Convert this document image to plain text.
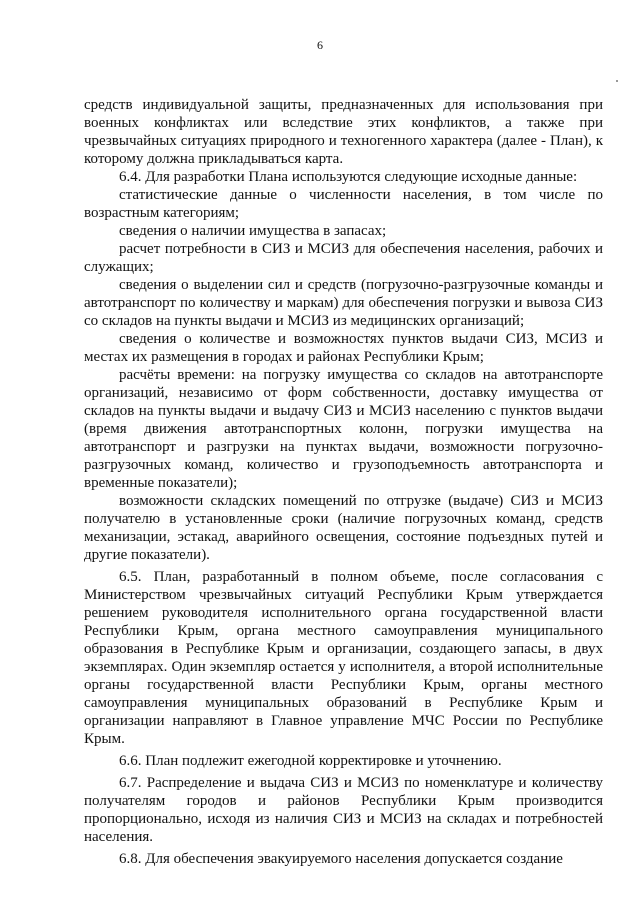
6

средств индивидуальной защиты, предназначенных для использования при военных конфликтах или вследствие этих конфликтов, а также при чрезвычайных ситуациях природного и техногенного характера (далее - План), к которому должна прикладываться карта.

6.4. Для разработки Плана используются следующие исходные данные:

статистические данные о численности населения, в том числе по возрастным категориям;

сведения о наличии имущества в запасах;

расчет потребности в СИЗ и МСИЗ для обеспечения населения, рабочих и служащих;

сведения о выделении сил и средств (погрузочно-разгрузочные команды и автотранспорт по количеству и маркам) для обеспечения погрузки и вывоза СИЗ со складов на пункты выдачи и МСИЗ из медицинских организаций;

сведения о количестве и возможностях пунктов выдачи СИЗ, МСИЗ и местах их размещения в городах и районах Республики Крым;

расчёты времени: на погрузку имущества со складов на автотранспорте организаций, независимо от форм собственности, доставку имущества от складов на пункты выдачи и выдачу СИЗ и МСИЗ населению с пунктов выдачи (время движения автотранспортных колонн, погрузки имущества на автотранспорт и разгрузки на пунктах выдачи, возможности погрузочно-разгрузочных команд, количество и грузоподъемность автотранспорта и временные показатели);

возможности складских помещений по отгрузке (выдаче) СИЗ и МСИЗ получателю в установленные сроки (наличие погрузочных команд, средств механизации, эстакад, аварийного освещения, состояние подъездных путей и другие показатели).

6.5. План, разработанный в полном объеме, после согласования с Министерством чрезвычайных ситуаций Республики Крым утверждается решением руководителя исполнительного органа государственной власти Республики Крым, органа местного самоуправления муниципального образования в Республике Крым и организации, создающего запасы, в двух экземплярах. Один экземпляр остается у исполнителя, а второй исполнительные органы государственной власти Республики Крым, органы местного самоуправления муниципальных образований в Республике Крым и организации направляют в Главное управление МЧС России по Республике Крым.

6.6. План подлежит ежегодной корректировке и уточнению.

6.7. Распределение и выдача СИЗ и МСИЗ по номенклатуре и количеству получателям городов и районов Республики Крым производится пропорционально, исходя из наличия СИЗ и МСИЗ на складах и потребностей населения.

6.8. Для обеспечения эвакуируемого населения допускается создание
